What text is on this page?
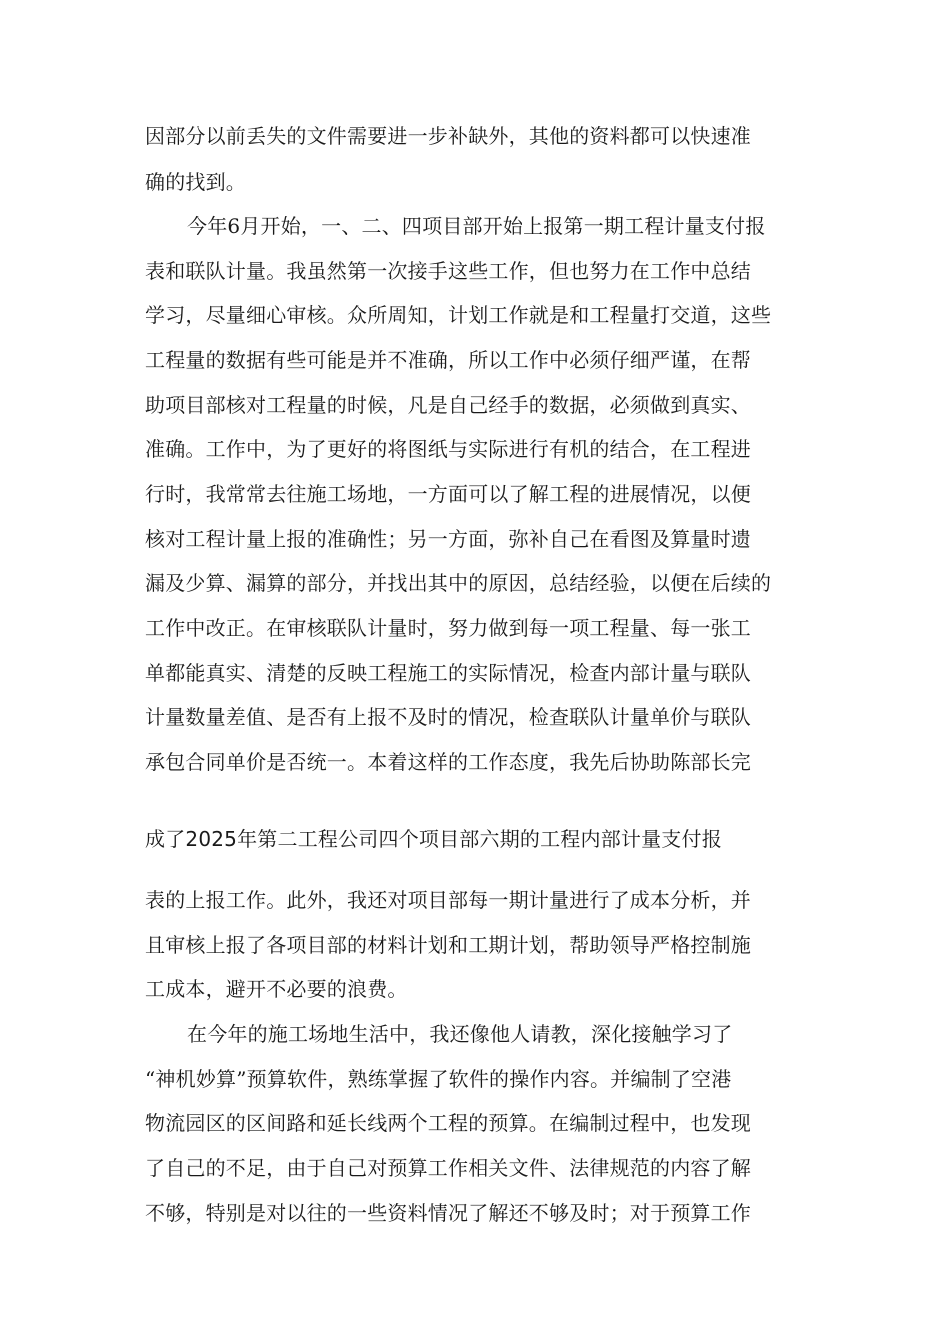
因部分以前丢失的文件需要进一步补缺外，其他的资料都可以快速准
确的找到。
今年6月开始，一、二、四项目部开始上报第一期工程计量支付报
表和联队计量。我虽然第一次接手这些工作，但也努力在工作中总结
学习，尽量细心审核。众所周知，计划工作就是和工程量打交道，这些
工程量的数据有些可能是并不准确，所以工作中必须仔细严谨，在帮
助项目部核对工程量的时候，凡是自己经手的数据，必须做到真实、
准确。工作中，为了更好的将图纸与实际进行有机的结合，在工程进
行时，我常常去往施工场地，一方面可以了解工程的进展情况，以便
核对工程计量上报的准确性；另一方面，弥补自己在看图及算量时遗
漏及少算、漏算的部分，并找出其中的原因，总结经验，以便在后续的
工作中改正。在审核联队计量时，努力做到每一项工程量、每一张工
单都能真实、清楚的反映工程施工的实际情况，检查内部计量与联队
计量数量差值、是否有上报不及时的情况，检查联队计量单价与联队
承包合同单价是否统一。本着这样的工作态度，我先后协助陈部长完
成了2025年第二工程公司四个项目部六期的工程内部计量支付报
表的上报工作。此外，我还对项目部每一期计量进行了成本分析，并
且审核上报了各项目部的材料计划和工期计划，帮助领导严格控制施
工成本，避开不必要的浪费。
在今年的施工场地生活中，我还像他人请教，深化接触学习了
“神机妙算”预算软件，熟练掌握了软件的操作内容。并编制了空港
物流园区的区间路和延长线两个工程的预算。在编制过程中，也发现
了自己的不足，由于自己对预算工作相关文件、法律规范的内容了解
不够，特别是对以往的一些资料情况了解还不够及时；对于预算工作
